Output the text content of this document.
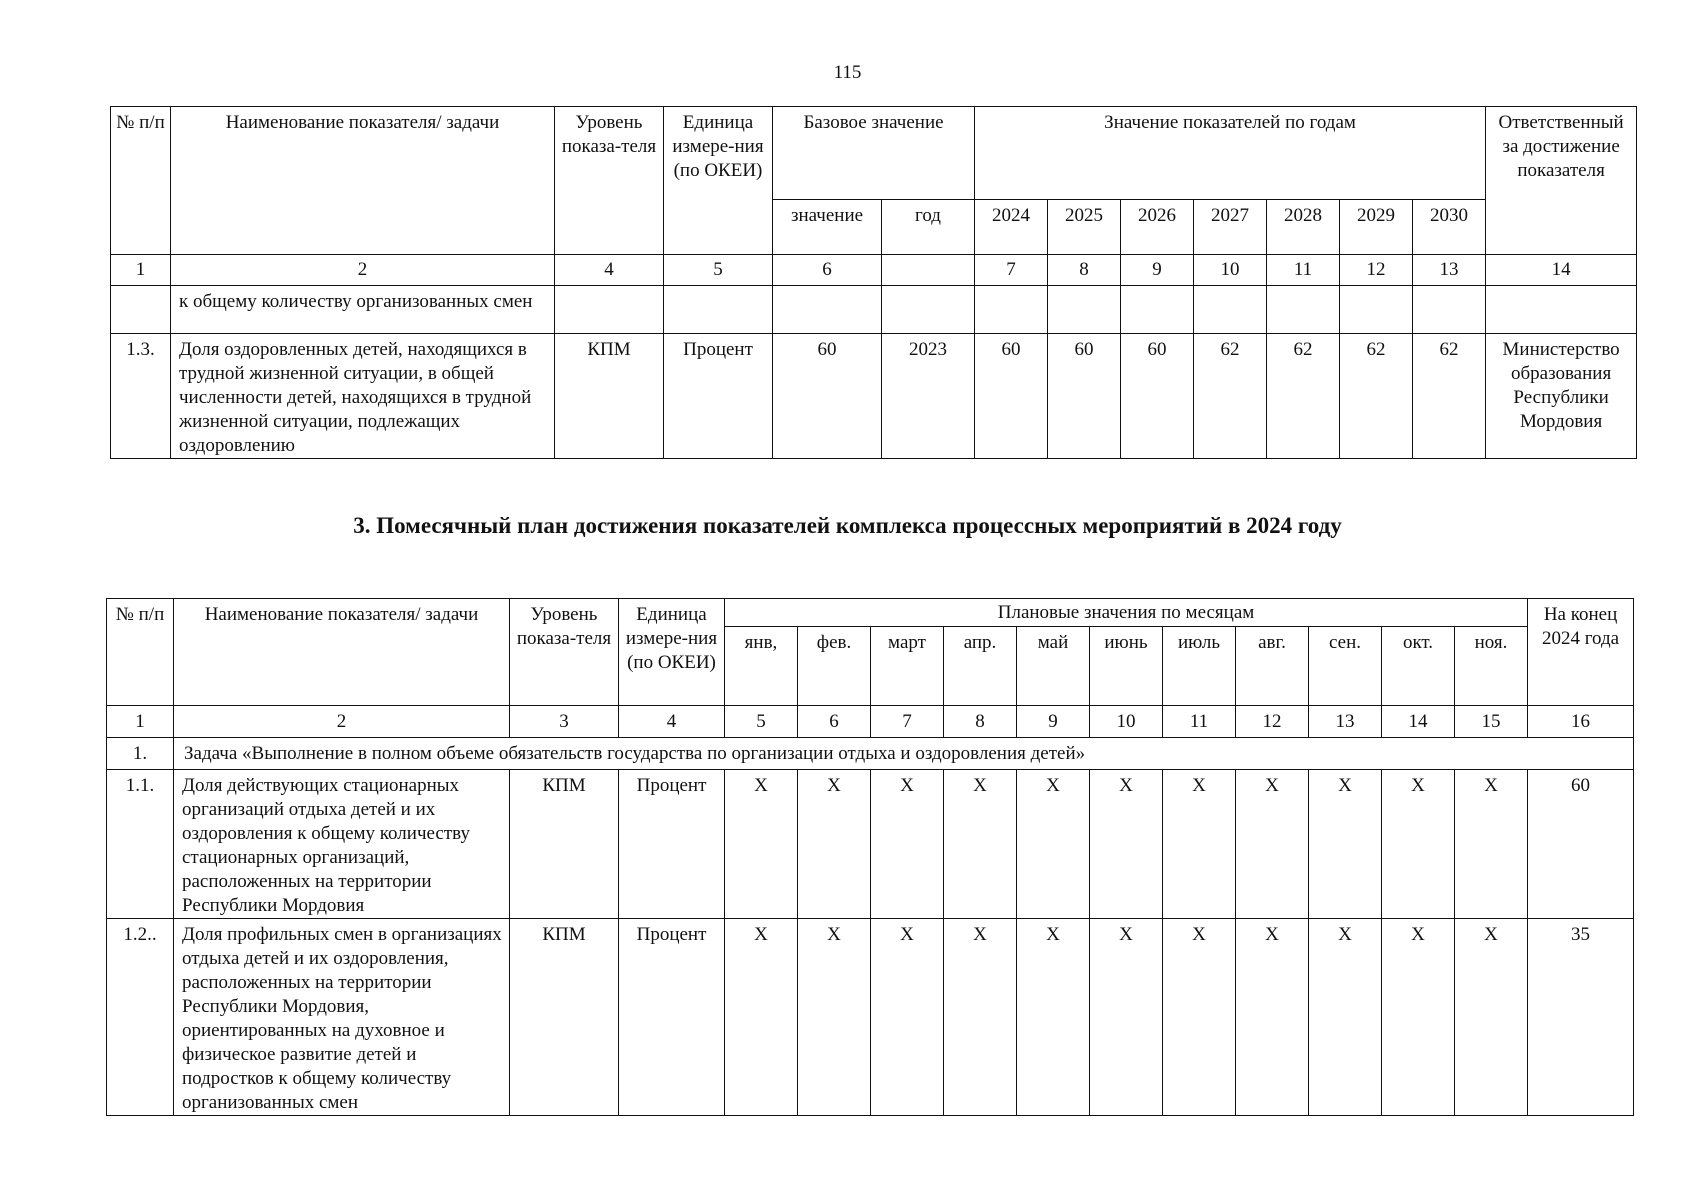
115
№ п/п	Наименование показателя/ задачи	Уровень показа-теля	Единица измере-ния (по ОКЕИ)	Базовое значение		Значение показателей по годам							Ответственный за достижение показателя
				значение	год	2024	2025	2026	2027	2028	2029	2030	
1	2	4	5	6		7	8	9	10	11	12	13	14
	к общему количеству организованных смен												
1.3.	Доля оздоровленных детей, находящихся в трудной жизненной ситуации, в общей численности детей, находящихся в трудной жизненной ситуации, подлежащих оздоровлению	КПМ	Процент	60	2023	60	60	60	62	62	62	62	Министерство образования Республики Мордовия
3. Помесячный план достижения показателей комплекса процессных мероприятий в 2024 году
№ п/п	Наименование показателя/ задачи	Уровень показа-теля	Единица измере-ния (по ОКЕИ)	Плановые значения по месяцам											На конец 2024 года
				янв,	фев.	март	апр.	май	июнь	июль	авг.	сен.	окт.	ноя.	
1	2	3	4	5	6	7	8	9	10	11	12	13	14	15	16
1.	Задача «Выполнение в полном объеме обязательств государства по организации отдыха и оздоровления детей»														
1.1.	Доля действующих стационарных организаций отдыха детей и их оздоровления к общему количеству стационарных организаций, расположенных на территории Республики Мордовия	КПМ	Процент	X	X	X	X	X	X	X	X	X	X	X	60
1.2..	Доля профильных смен в организациях отдыха детей и их оздоровления, расположенных на территории Республики Мордовия, ориентированных на духовное и физическое развитие детей и подростков к общему количеству организованных смен	КПМ	Процент	X	X	X	X	X	X	X	X	X	X	X	35
